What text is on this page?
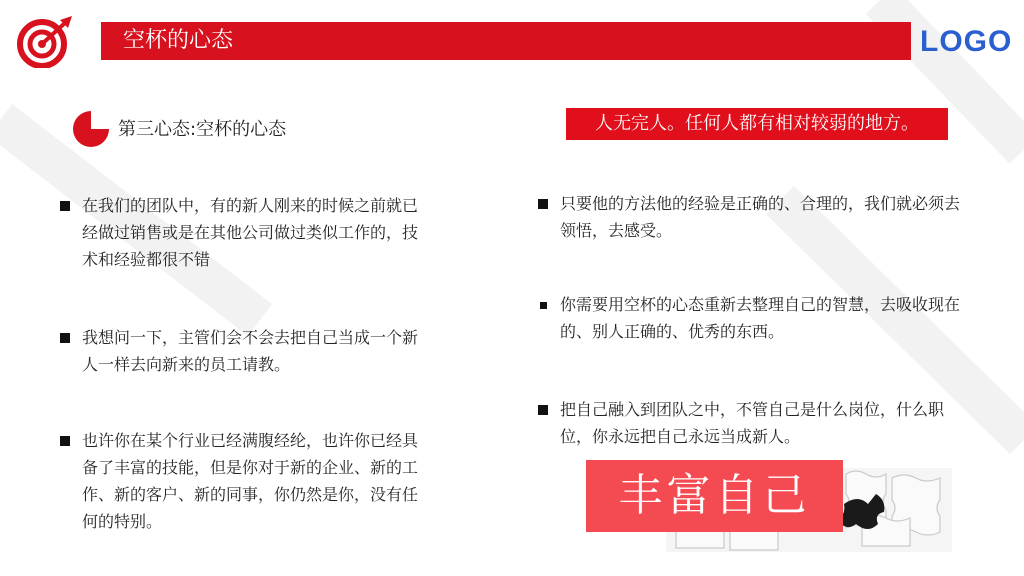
空杯的心态	LOGO
第三心态:空杯的心态
在我们的团队中，有的新人刚来的时候之前就已经做过销售或是在其他公司做过类似工作的，技术和经验都很不错
我想问一下，主管们会不会去把自己当成一个新人一样去向新来的员工请教。
也许你在某个行业已经满腹经纶，也许你已经具备了丰富的技能，但是你对于新的企业、新的工作、新的客户、新的同事，你仍然是你，没有任何的特别。
人无完人。任何人都有相对较弱的地方。
只要他的方法他的经验是正确的、合理的，我们就必须去领悟，去感受。
你需要用空杯的心态重新去整理自己的智慧，去吸收现在的、别人正确的、优秀的东西。
把自己融入到团队之中，不管自己是什么岗位，什么职位，你永远把自己永远当成新人。
丰富自己
